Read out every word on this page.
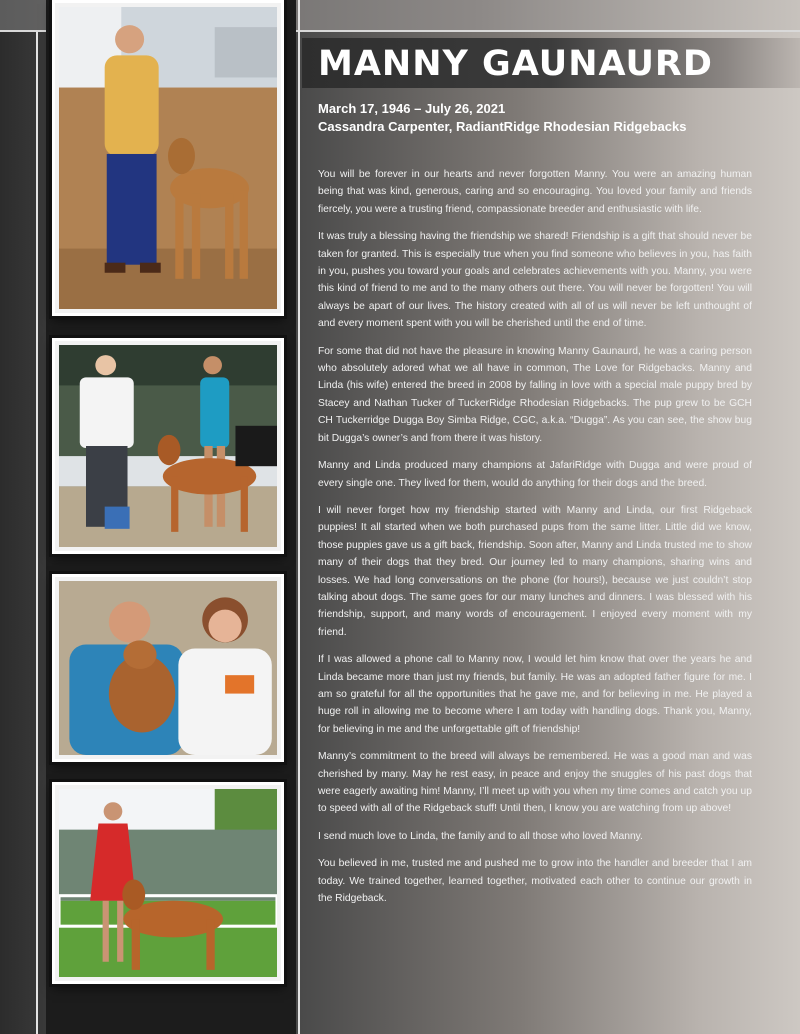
MANNY GAUNAURD
March 17, 1946 – July 26, 2021
Cassandra Carpenter, RadiantRidge Rhodesian Ridgebacks

You will be forever in our hearts and never forgotten Manny. You were an amazing human being that was kind, generous, caring and so encouraging. You loved your family and friends fiercely, you were a trusting friend, compassionate breeder and enthusiastic with life.

It was truly a blessing having the friendship we shared! Friendship is a gift that should never be taken for granted. This is especially true when you find someone who believes in you, has faith in you, pushes you toward your goals and celebrates achievements with you. Manny, you were this kind of friend to me and to the many others out there. You will never be forgotten! You will always be apart of our lives. The history created with all of us will never be left unthought of and every moment spent with you will be cherished until the end of time.

For some that did not have the pleasure in knowing Manny Gaunaurd, he was a caring person who absolutely adored what we all have in common, The Love for Ridgebacks. Manny and Linda (his wife) entered the breed in 2008 by falling in love with a special male puppy bred by Stacey and Nathan Tucker of TuckerRidge Rhodesian Ridgebacks. The pup grew to be GCH CH Tuckerridge Dugga Boy Simba Ridge, CGC, a.k.a. “Dugga”. As you can see, the show bug bit Dugga’s owner’s and from there it was history.

Manny and Linda produced many champions at JafariRidge with Dugga and were proud of every single one. They lived for them, would do anything for their dogs and the breed.

I will never forget how my friendship started with Manny and Linda, our first Ridgeback puppies! It all started when we both purchased pups from the same litter. Little did we know, those puppies gave us a gift back, friendship. Soon after, Manny and Linda trusted me to show many of their dogs that they bred. Our journey led to many champions, sharing wins and losses. We had long conversations on the phone (for hours!), because we just couldn’t stop talking about dogs. The same goes for our many lunches and dinners. I was blessed with his friendship, support, and many words of encouragement. I enjoyed every moment with my friend.

If I was allowed a phone call to Manny now, I would let him know that over the years he and Linda became more than just my friends, but family. He was an adopted father figure for me. I am so grateful for all the opportunities that he gave me, and for believing in me. He played a huge roll in allowing me to become where I am today with handling dogs. Thank you, Manny, for believing in me and the unforgettable gift of friendship!

Manny’s commitment to the breed will always be remembered. He was a good man and was cherished by many. May he rest easy, in peace and enjoy the snuggles of his past dogs that were eagerly awaiting him! Manny, I’ll meet up with you when my time comes and catch you up to speed with all of the Ridgeback stuff! Until then, I know you are watching from up above!

I send much love to Linda, the family and to all those who loved Manny.

You believed in me, trusted me and pushed me to grow into the handler and breeder that I am today. We trained together, learned together, motivated each other to continue our growth in the Ridgeback.
